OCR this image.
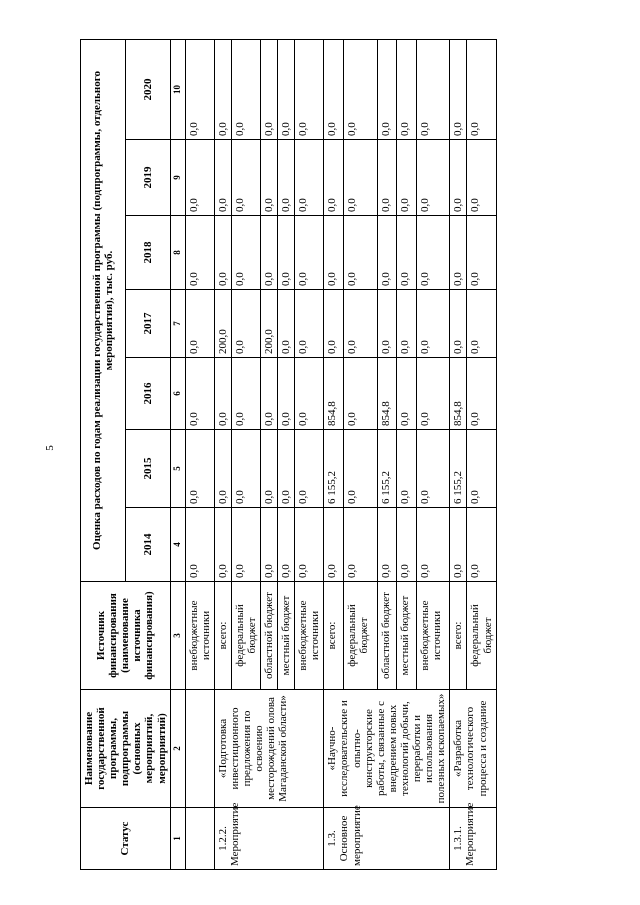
5
Статус	Наименование государственной программы, подпрограммы (основных мероприятий, мероприятий)	Источник финансирования (наименование источника финансирования)	Оценка расходов по годам реализации государственной программы (подпрограммы, отдельного мероприятия), тыс. руб.						
			2014	2015	2016	2017	2018	2019	2020
1	2	3	4	5	6	7	8	9	10
		внебюджетные источники	0,0	0,0	0,0	0,0	0,0	0,0	0,0
1.2.2. Мероприятие	«Подготовка инвестиционного предложения по освоению месторождений олова Магаданской области»	всего:	0,0	0,0	0,0	200,0	0,0	0,0	0,0
		федеральный бюджет	0,0	0,0	0,0	0,0	0,0	0,0	0,0
		областной бюджет	0,0	0,0	0,0	200,0	0,0	0,0	0,0
		местный бюджет	0,0	0,0	0,0	0,0	0,0	0,0	0,0
		внебюджетные источники	0,0	0,0	0,0	0,0	0,0	0,0	0,0
1.3. Основное мероприятие	«Научно-исследовательские и опытно-конструкторские работы, связанные с внедрением новых технологий добычи, переработки и использования полезных ископаемых»	всего:	0,0	6 155,2	854,8	0,0	0,0	0,0	0,0
		федеральный бюджет	0,0	0,0	0,0	0,0	0,0	0,0	0,0
		областной бюджет	0,0	6 155,2	854,8	0,0	0,0	0,0	0,0
		местный бюджет	0,0	0,0	0,0	0,0	0,0	0,0	0,0
		внебюджетные источники	0,0	0,0	0,0	0,0	0,0	0,0	0,0
1.3.1. Мероприятие	«Разработка технологического процесса и создание	всего:	0,0	6 155,2	854,8	0,0	0,0	0,0	0,0
		федеральный бюджет	0,0	0,0	0,0	0,0	0,0	0,0	0,0
